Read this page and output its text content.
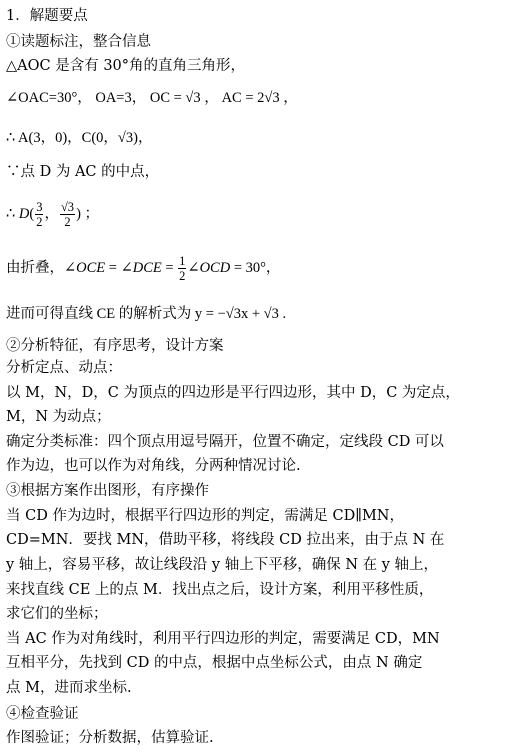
1．解题要点
①读题标注，整合信息
△AOC 是含有 30°角的直角三角形，
∠OAC=30°， OA=3， OC = √3 ， AC = 2√3 ，
∴ A(3，0)，C(0，√3)，
∵点 D 为 AC 的中点，
∴ $D( \frac{3}{2}$ ， $\frac{√3}{2}$ ) ；
由折叠，∠OCE = ∠DCE = $\frac{1}{2}$ ∠OCD = 30°，
进而可得直线 CE 的解析式为 y = −√3x + √3 .
②分析特征，有序思考，设计方案
分析定点、动点：
以 M，N，D，C 为顶点的四边形是平行四边形，其中 D，C 为定点，
M，N 为动点；
确定分类标准：四个顶点用逗号隔开，位置不确定，定线段 CD 可以
作为边，也可以作为对角线，分两种情况讨论.
③根据方案作出图形，有序操作
当 CD 作为边时，根据平行四边形的判定，需满足 CD∥MN，
CD=MN．要找 MN，借助平移，将线段 CD 拉出来，由于点 N 在
y 轴上，容易平移，故让线段沿 y 轴上下平移，确保 N 在 y 轴上，
来找直线 CE 上的点 M．找出点之后，设计方案，利用平移性质，
求它们的坐标；
当 AC 作为对角线时，利用平行四边形的判定，需要满足 CD，MN
互相平分，先找到 CD 的中点，根据中点坐标公式，由点 N 确定
点 M，进而求坐标.
④检查验证
作图验证；分析数据，估算验证.
